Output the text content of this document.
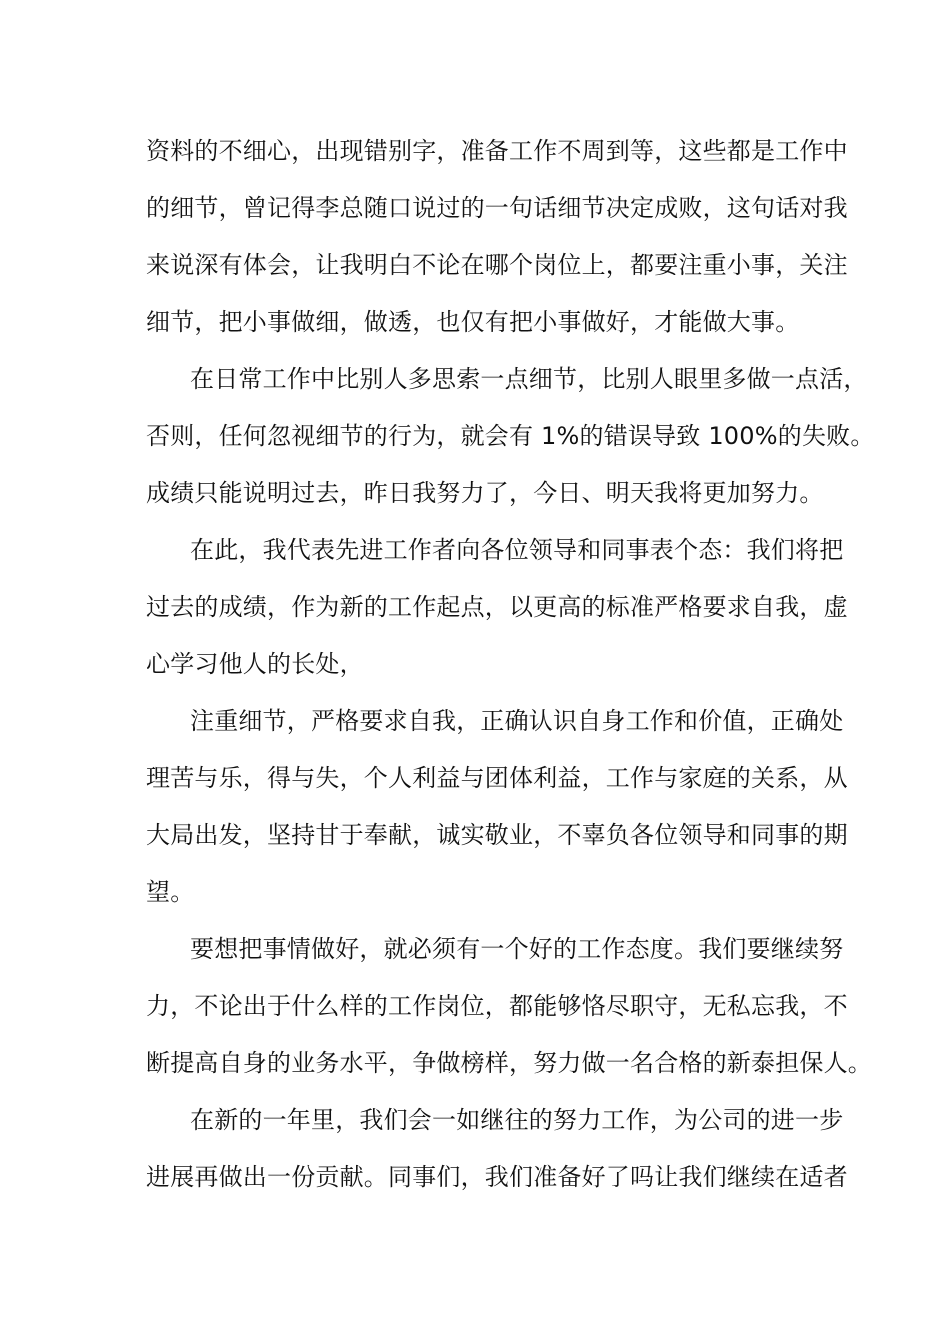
资料的不细心，出现错别字，准备工作不周到等，这些都是工作中
的细节，曾记得李总随口说过的一句话细节决定成败，这句话对我
来说深有体会，让我明白不论在哪个岗位上，都要注重小事，关注
细节，把小事做细，做透，也仅有把小事做好，才能做大事。
在日常工作中比别人多思索一点细节，比别人眼里多做一点活，
否则，任何忽视细节的行为，就会有 1%的错误导致 100%的失败。
成绩只能说明过去，昨日我努力了，今日、明天我将更加努力。
在此，我代表先进工作者向各位领导和同事表个态：我们将把
过去的成绩，作为新的工作起点，以更高的标准严格要求自我，虚
心学习他人的长处，
注重细节，严格要求自我，正确认识自身工作和价值，正确处
理苦与乐，得与失，个人利益与团体利益，工作与家庭的关系，从
大局出发，坚持甘于奉献，诚实敬业，不辜负各位领导和同事的期
望。
要想把事情做好，就必须有一个好的工作态度。我们要继续努
力，不论出于什么样的工作岗位，都能够恪尽职守，无私忘我，不
断提高自身的业务水平，争做榜样，努力做一名合格的新泰担保人。
在新的一年里，我们会一如继往的努力工作，为公司的进一步
进展再做出一份贡献。同事们，我们准备好了吗让我们继续在适者
